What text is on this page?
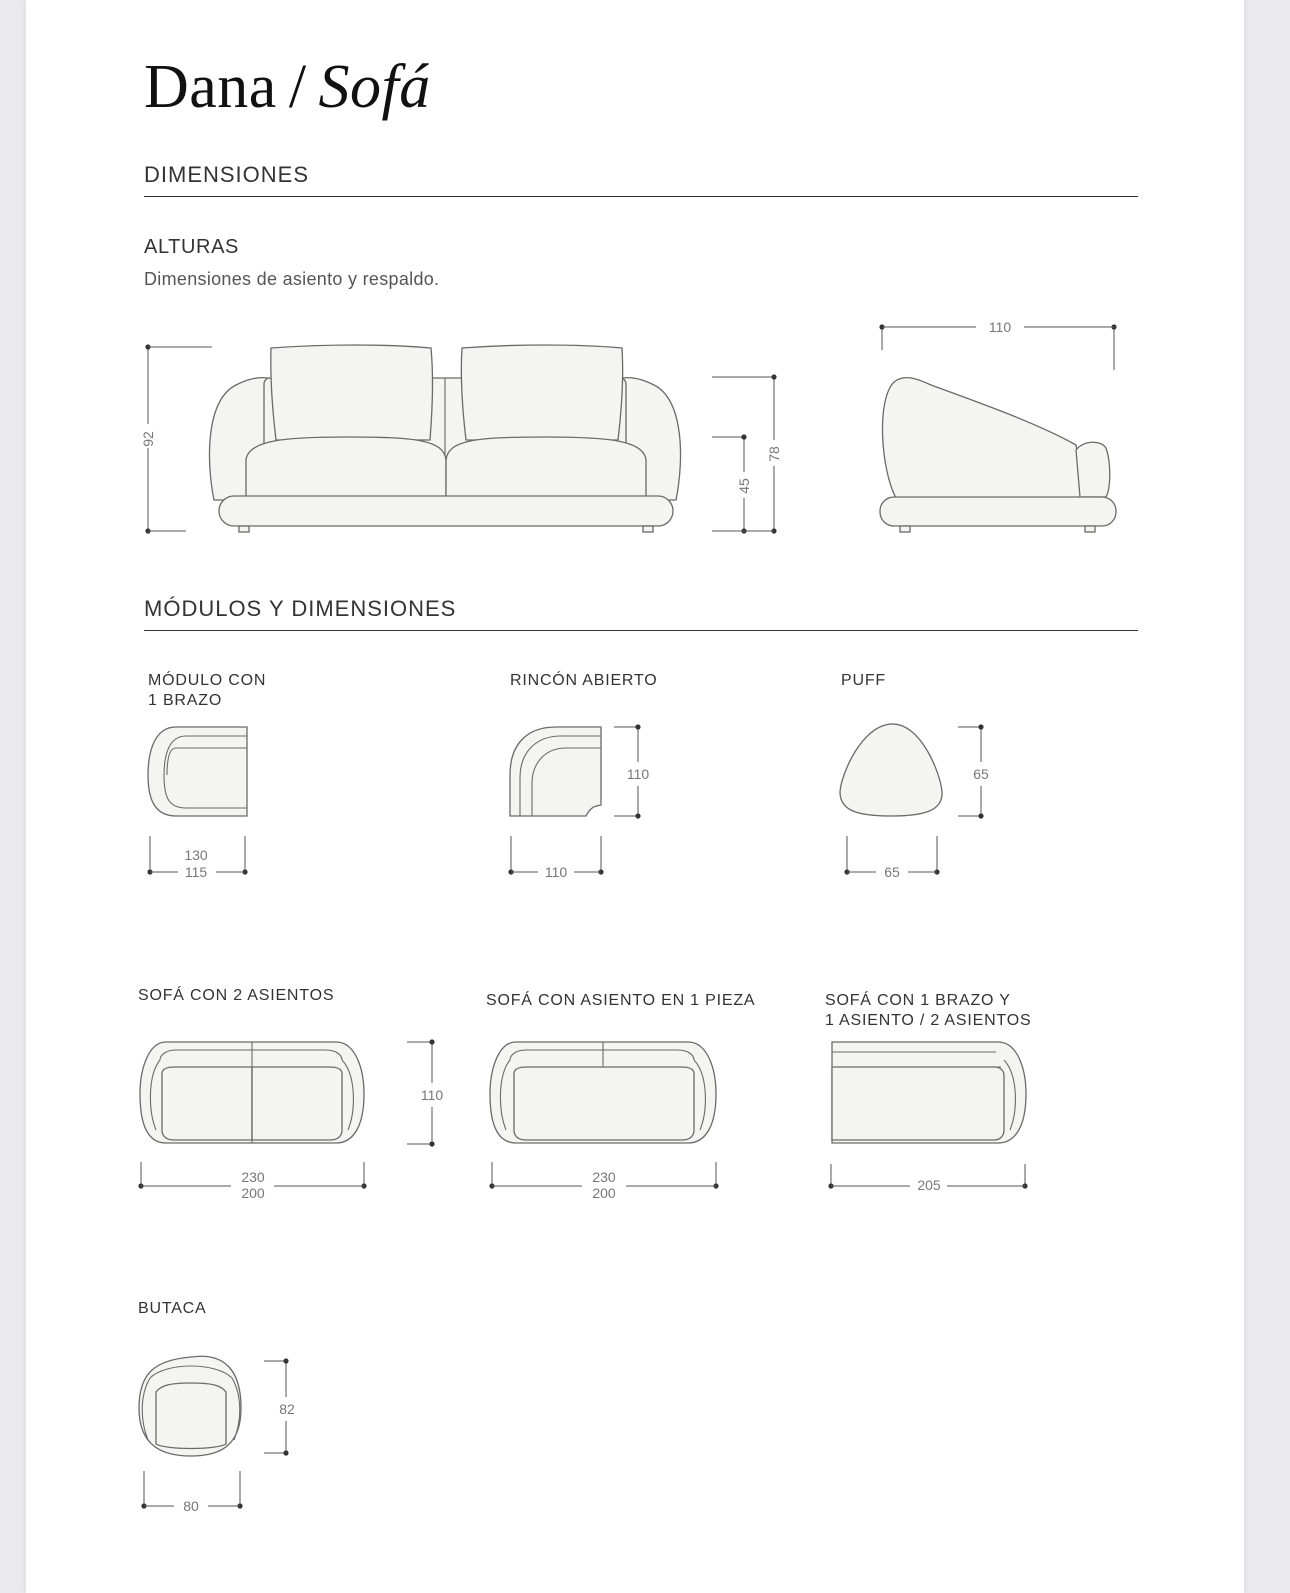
Dana / Sofá
DIMENSIONES
ALTURAS
Dimensiones de asiento y respaldo.
92
78
45
110
MÓDULOS Y DIMENSIONES
MÓDULO CON
1 BRAZO
130
115
RINCÓN ABIERTO
110
110
PUFF
65
65
SOFÁ CON 2 ASIENTOS
110
230
200
SOFÁ CON ASIENTO EN 1 PIEZA
230
200
SOFÁ CON 1 BRAZO Y
1 ASIENTO / 2 ASIENTOS
205
BUTACA
82
80
